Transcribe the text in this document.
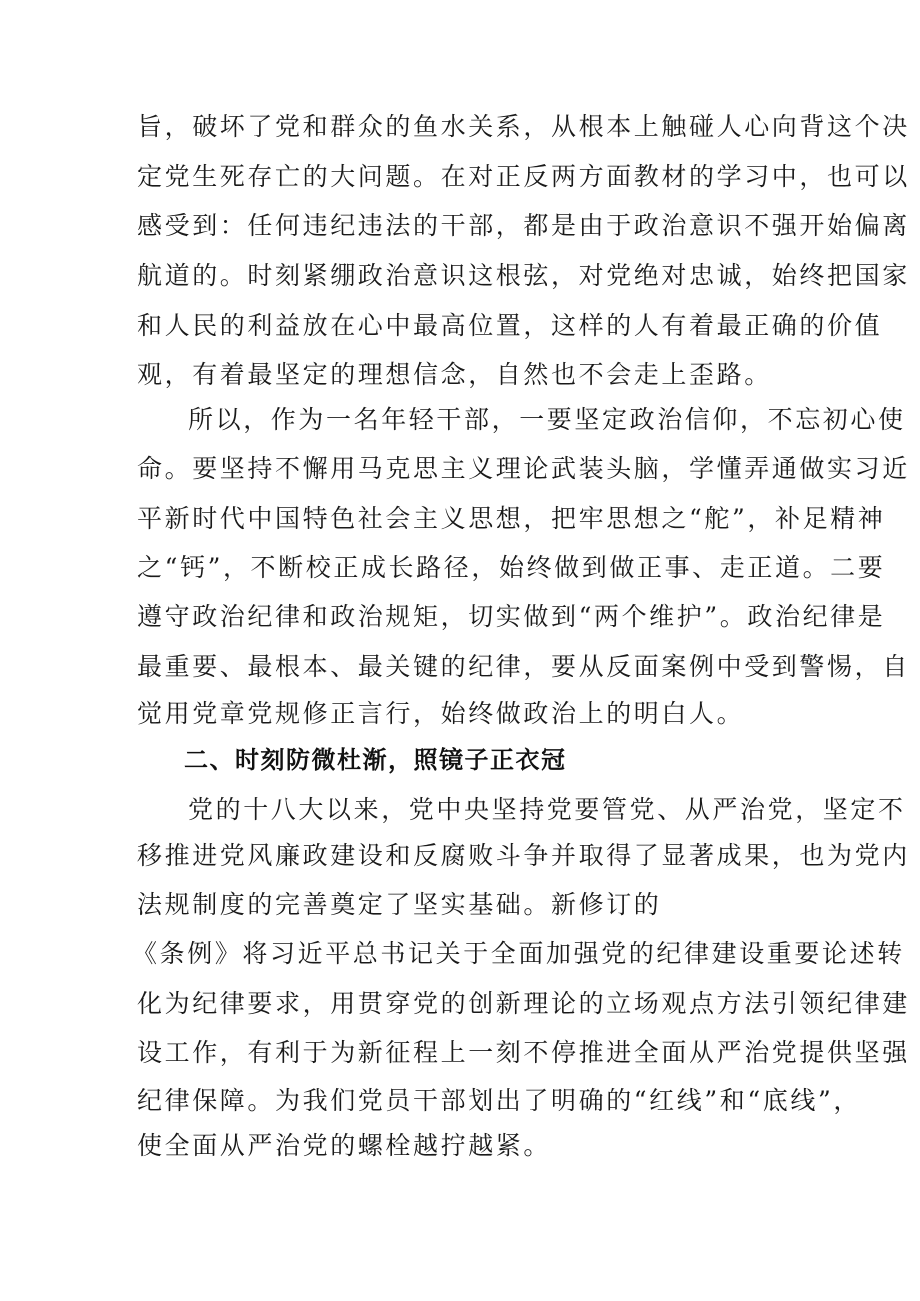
旨，破坏了党和群众的鱼水关系，从根本上触碰人心向背这个决
定党生死存亡的大问题。在对正反两方面教材的学习中，也可以
感受到：任何违纪违法的干部，都是由于政治意识不强开始偏离
航道的。时刻紧绷政治意识这根弦，对党绝对忠诚，始终把国家
和人民的利益放在心中最高位置，这样的人有着最正确的价值
观，有着最坚定的理想信念，自然也不会走上歪路。
所以，作为一名年轻干部，一要坚定政治信仰，不忘初心使
命。要坚持不懈用马克思主义理论武装头脑，学懂弄通做实习近
平新时代中国特色社会主义思想，把牢思想之“舵”，补足精神
之“钙”，不断校正成长路径，始终做到做正事、走正道。二要
遵守政治纪律和政治规矩，切实做到“两个维护”。政治纪律是
最重要、最根本、最关键的纪律，要从反面案例中受到警惕，自
觉用党章党规修正言行，始终做政治上的明白人。
二、时刻防微杜渐，照镜子正衣冠
党的十八大以来，党中央坚持党要管党、从严治党，坚定不
移推进党风廉政建设和反腐败斗争并取得了显著成果，也为党内
法规制度的完善奠定了坚实基础。新修订的
《条例》将习近平总书记关于全面加强党的纪律建设重要论述转
化为纪律要求，用贯穿党的创新理论的立场观点方法引领纪律建
设工作，有利于为新征程上一刻不停推进全面从严治党提供坚强
纪律保障。为我们党员干部划出了明确的“红线”和“底线”，
使全面从严治党的螺栓越拧越紧。
